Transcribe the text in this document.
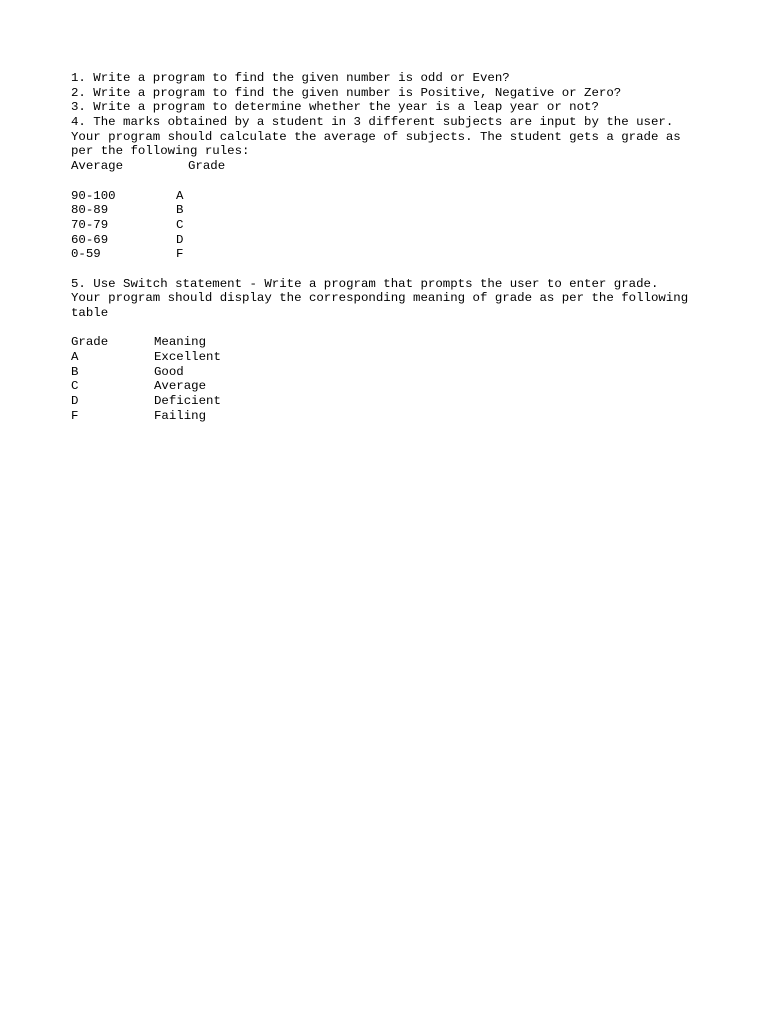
1. Write a program to find the given number is odd or Even?
2. Write a program to find the given number is Positive, Negative or Zero?
3. Write a program to determine whether the year is a leap year or not?
4. The marks obtained by a student in 3 different subjects are input by the user.
Your program should calculate the average of subjects. The student gets a grade as
per the following rules:
Average	Grade
90-100	A
80-89	B
70-79	C
60-69	D
0-59	F
5. Use Switch statement - Write a program that prompts the user to enter grade.
Your program should display the corresponding meaning of grade as per the following
table
Grade	Meaning
A	Excellent
B	Good
C	Average
D	Deficient
F	Failing
